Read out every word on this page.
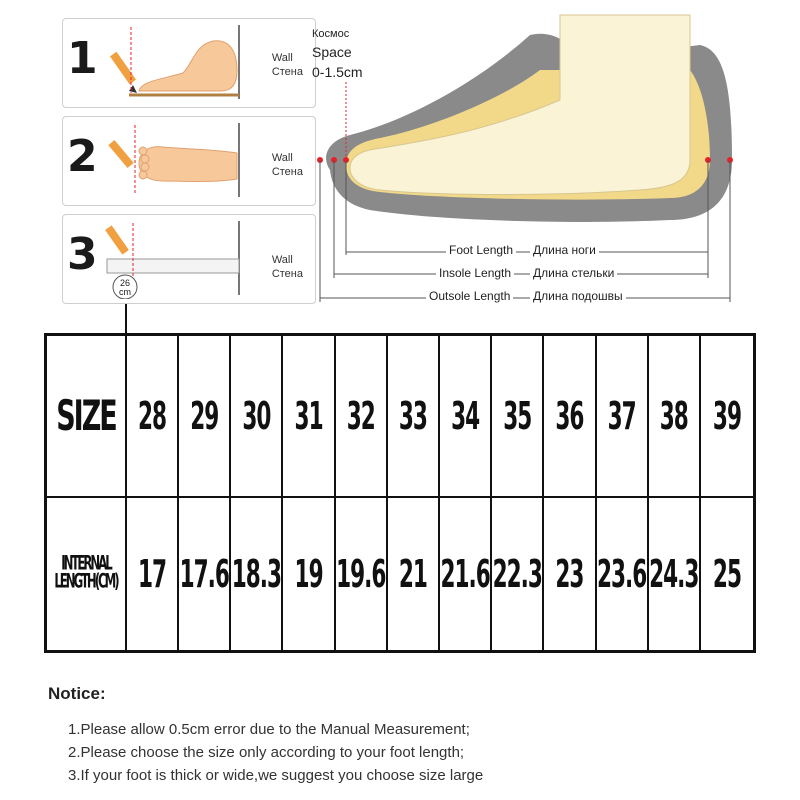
1	Wall
Стена
2	Wall
Стена
3
26
cm
Wall
Стена
Космос
Space
0-1.5cm
Foot Length Длина ноги
Insole Length Длина стельки
Outsole Length Длина подошвы
SIZE 28 29 30 31 32 33 34 35 36 37 38 39
INTERNAL
LENGTH(CM) 17 17.6 18.3 19 19.6 21 21.6 22.3 23 23.6 24.3 25
Notice:
1.Please allow 0.5cm error due to the Manual Measurement;
2.Please choose the size only according to your foot length;
3.If your foot is thick or wide,we suggest you choose size large
